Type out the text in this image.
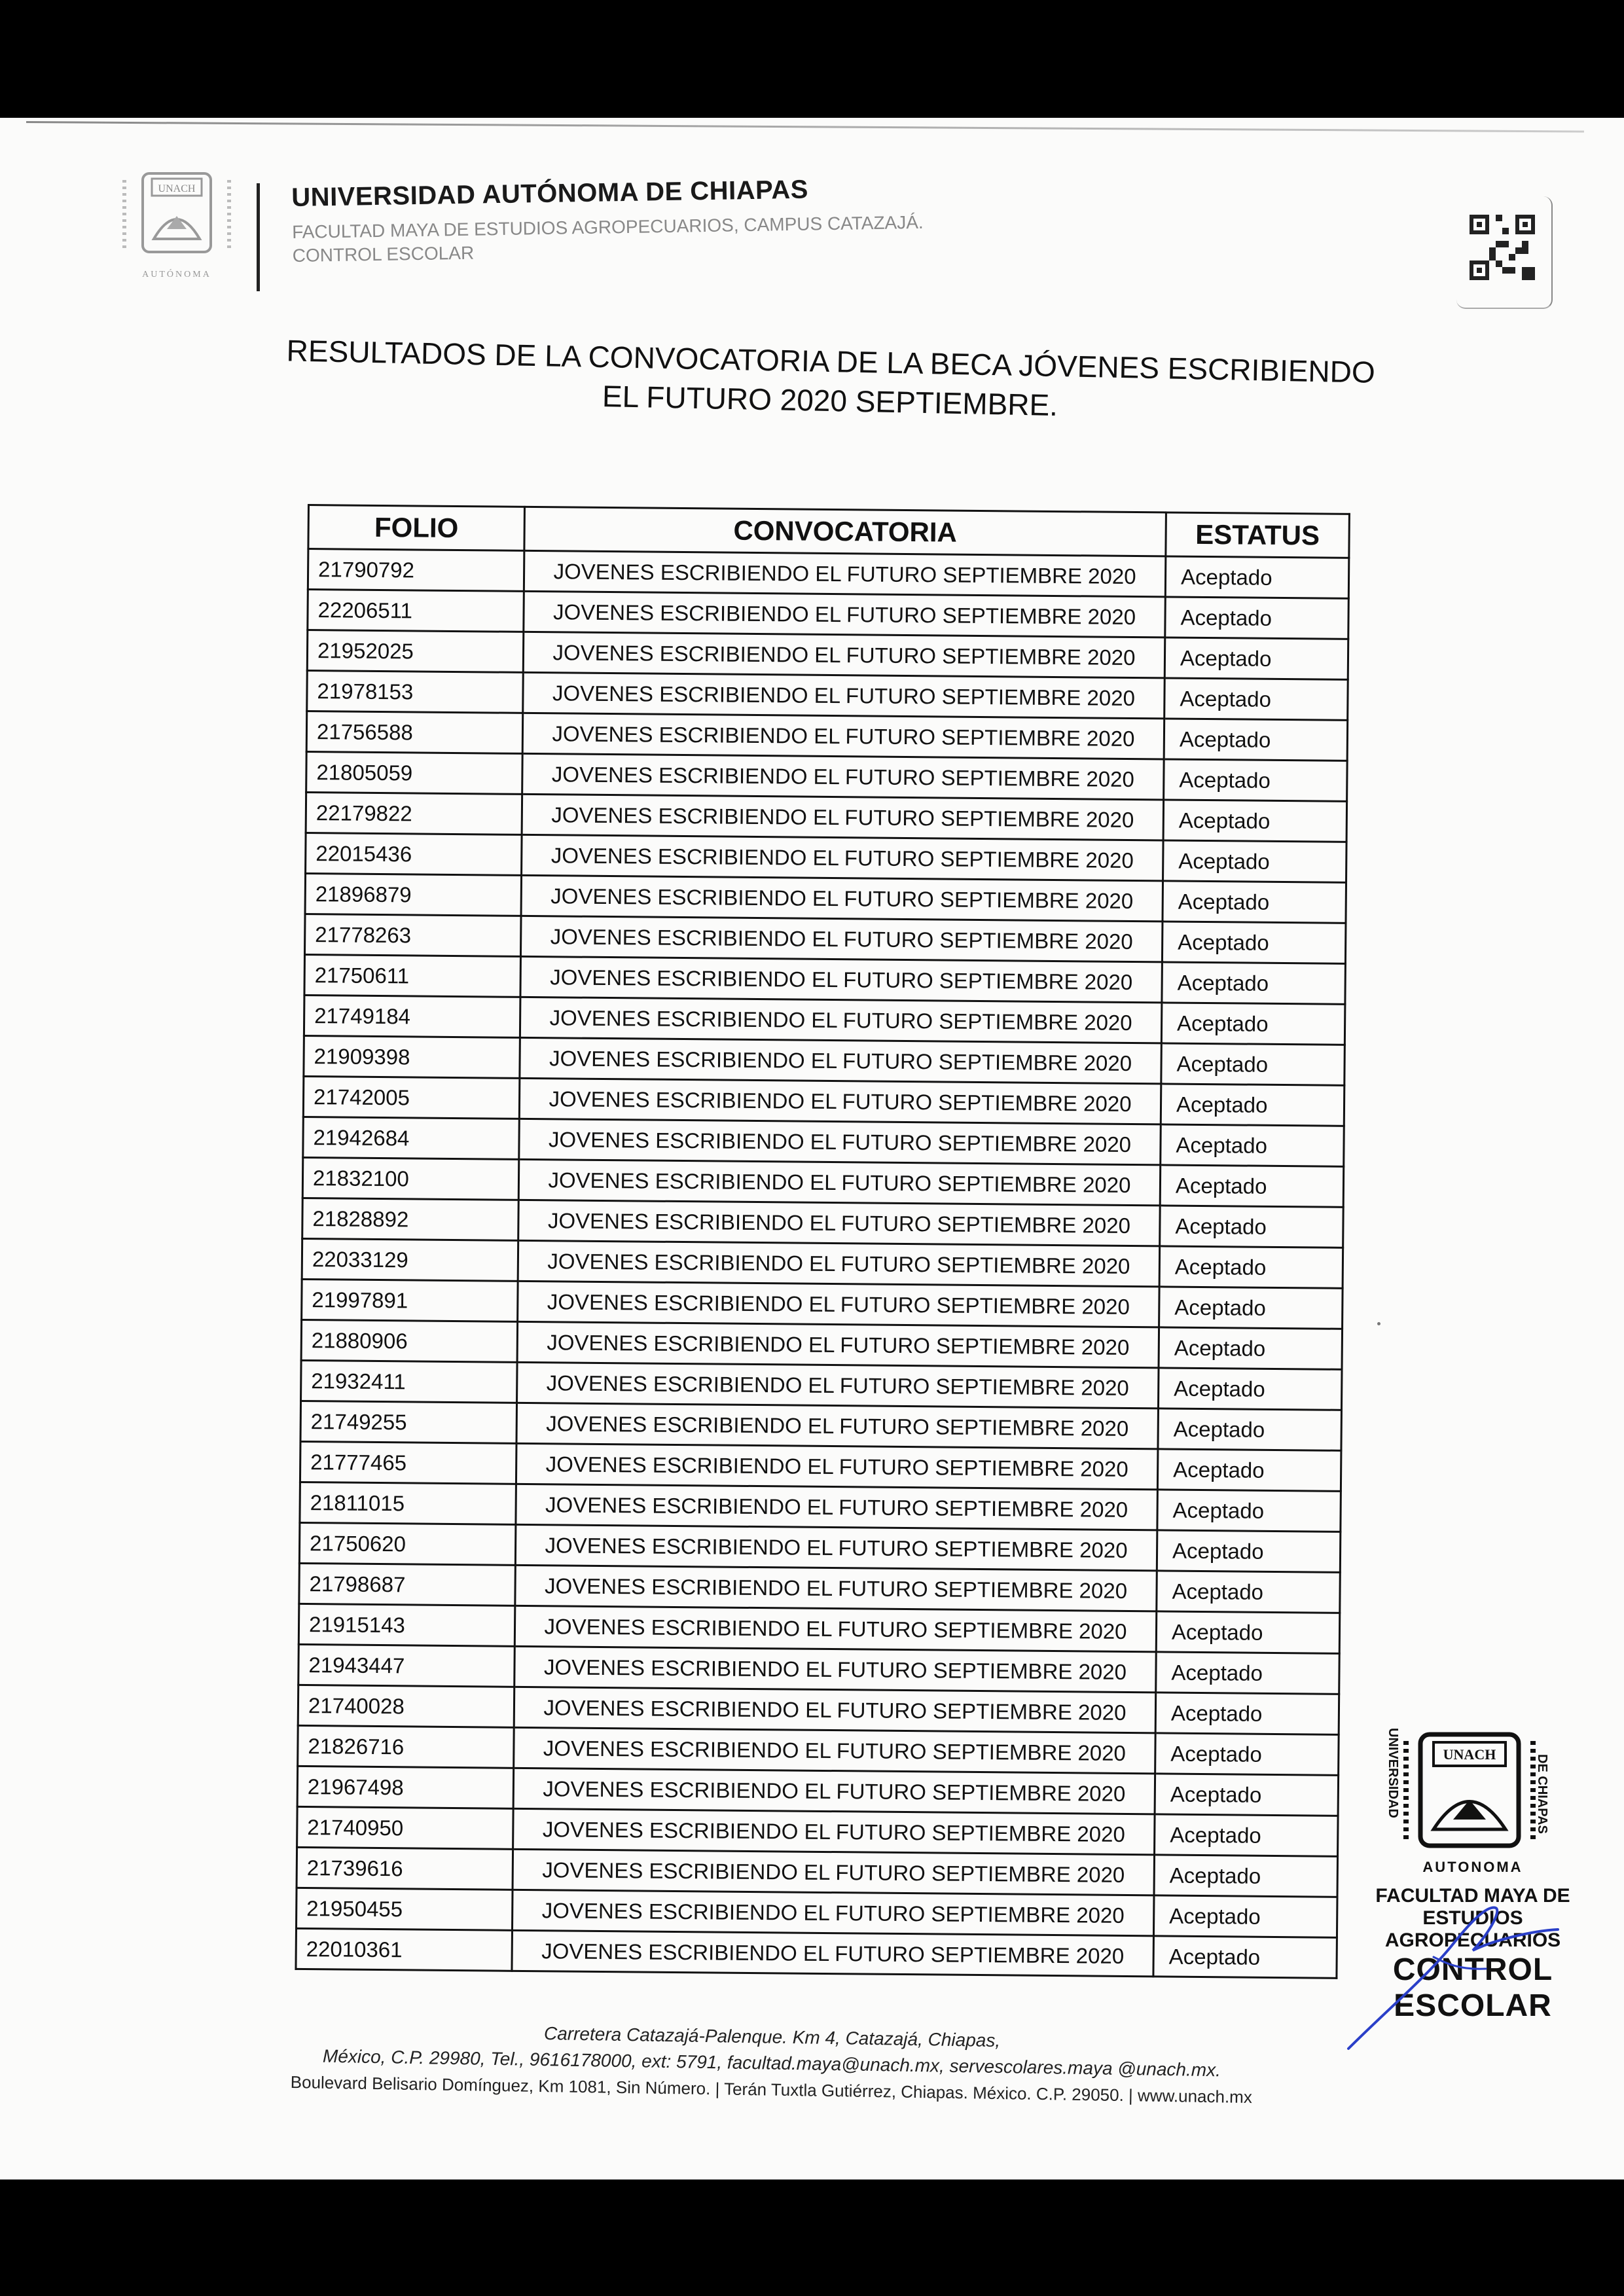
UNACH
AUTÓNOMA
UNIVERSIDAD AUTÓNOMA DE CHIAPAS
FACULTAD MAYA DE ESTUDIOS AGROPECUARIOS, CAMPUS CATAZAJÁ.
CONTROL ESCOLAR
RESULTADOS DE LA CONVOCATORIA DE LA BECA JÓVENES ESCRIBIENDO
EL FUTURO 2020 SEPTIEMBRE.
FOLIO	CONVOCATORIA	ESTATUS
21790792	JOVENES ESCRIBIENDO EL FUTURO SEPTIEMBRE 2020	Aceptado
22206511	JOVENES ESCRIBIENDO EL FUTURO SEPTIEMBRE 2020	Aceptado
21952025	JOVENES ESCRIBIENDO EL FUTURO SEPTIEMBRE 2020	Aceptado
21978153	JOVENES ESCRIBIENDO EL FUTURO SEPTIEMBRE 2020	Aceptado
21756588	JOVENES ESCRIBIENDO EL FUTURO SEPTIEMBRE 2020	Aceptado
21805059	JOVENES ESCRIBIENDO EL FUTURO SEPTIEMBRE 2020	Aceptado
22179822	JOVENES ESCRIBIENDO EL FUTURO SEPTIEMBRE 2020	Aceptado
22015436	JOVENES ESCRIBIENDO EL FUTURO SEPTIEMBRE 2020	Aceptado
21896879	JOVENES ESCRIBIENDO EL FUTURO SEPTIEMBRE 2020	Aceptado
21778263	JOVENES ESCRIBIENDO EL FUTURO SEPTIEMBRE 2020	Aceptado
21750611	JOVENES ESCRIBIENDO EL FUTURO SEPTIEMBRE 2020	Aceptado
21749184	JOVENES ESCRIBIENDO EL FUTURO SEPTIEMBRE 2020	Aceptado
21909398	JOVENES ESCRIBIENDO EL FUTURO SEPTIEMBRE 2020	Aceptado
21742005	JOVENES ESCRIBIENDO EL FUTURO SEPTIEMBRE 2020	Aceptado
21942684	JOVENES ESCRIBIENDO EL FUTURO SEPTIEMBRE 2020	Aceptado
21832100	JOVENES ESCRIBIENDO EL FUTURO SEPTIEMBRE 2020	Aceptado
21828892	JOVENES ESCRIBIENDO EL FUTURO SEPTIEMBRE 2020	Aceptado
22033129	JOVENES ESCRIBIENDO EL FUTURO SEPTIEMBRE 2020	Aceptado
21997891	JOVENES ESCRIBIENDO EL FUTURO SEPTIEMBRE 2020	Aceptado
21880906	JOVENES ESCRIBIENDO EL FUTURO SEPTIEMBRE 2020	Aceptado
21932411	JOVENES ESCRIBIENDO EL FUTURO SEPTIEMBRE 2020	Aceptado
21749255	JOVENES ESCRIBIENDO EL FUTURO SEPTIEMBRE 2020	Aceptado
21777465	JOVENES ESCRIBIENDO EL FUTURO SEPTIEMBRE 2020	Aceptado
21811015	JOVENES ESCRIBIENDO EL FUTURO SEPTIEMBRE 2020	Aceptado
21750620	JOVENES ESCRIBIENDO EL FUTURO SEPTIEMBRE 2020	Aceptado
21798687	JOVENES ESCRIBIENDO EL FUTURO SEPTIEMBRE 2020	Aceptado
21915143	JOVENES ESCRIBIENDO EL FUTURO SEPTIEMBRE 2020	Aceptado
21943447	JOVENES ESCRIBIENDO EL FUTURO SEPTIEMBRE 2020	Aceptado
21740028	JOVENES ESCRIBIENDO EL FUTURO SEPTIEMBRE 2020	Aceptado
21826716	JOVENES ESCRIBIENDO EL FUTURO SEPTIEMBRE 2020	Aceptado
21967498	JOVENES ESCRIBIENDO EL FUTURO SEPTIEMBRE 2020	Aceptado
21740950	JOVENES ESCRIBIENDO EL FUTURO SEPTIEMBRE 2020	Aceptado
21739616	JOVENES ESCRIBIENDO EL FUTURO SEPTIEMBRE 2020	Aceptado
21950455	JOVENES ESCRIBIENDO EL FUTURO SEPTIEMBRE 2020	Aceptado
22010361	JOVENES ESCRIBIENDO EL FUTURO SEPTIEMBRE 2020	Aceptado
UNIVERSIDAD	DE CHIAPAS
UNACH
AUTONOMA
FACULTAD MAYA DE
ESTUDIOS AGROPECUARIOS
CONTROL ESCOLAR
Carretera Catazajá-Palenque. Km 4, Catazajá, Chiapas,
México, C.P. 29980, Tel., 9616178000, ext: 5791, facultad.maya@unach.mx, servescolares.maya @unach.mx.
Boulevard Belisario Domínguez, Km 1081, Sin Número. | Terán Tuxtla Gutiérrez, Chiapas. México. C.P. 29050. | www.unach.mx
